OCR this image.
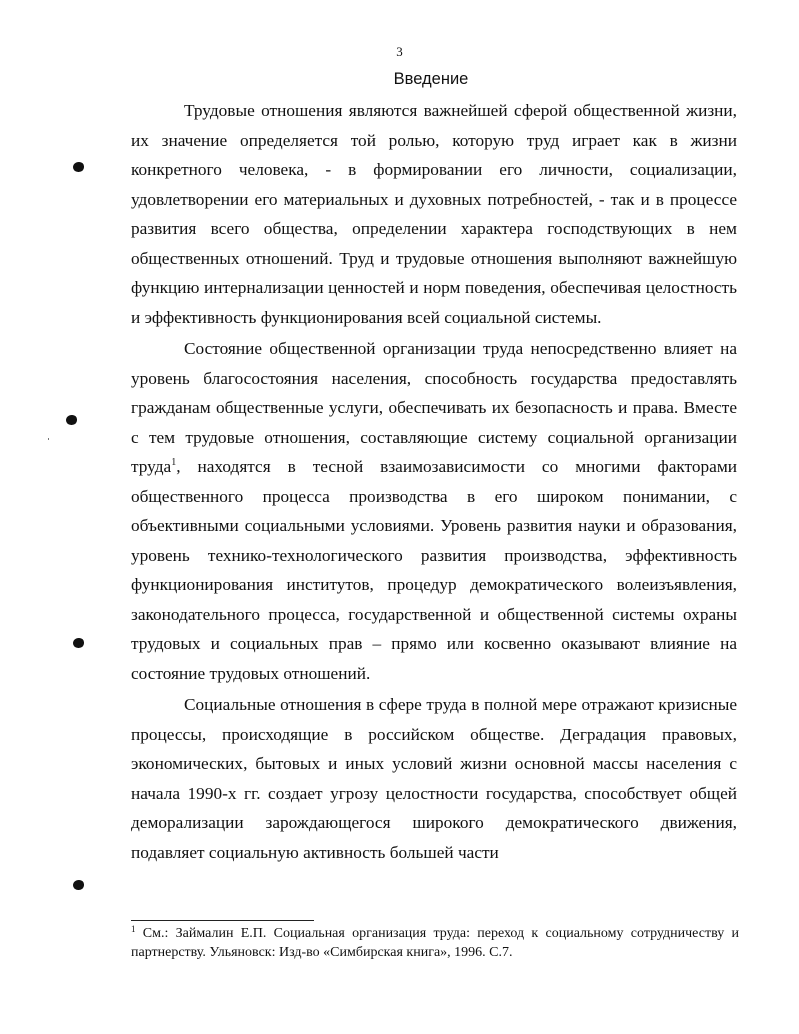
3
Введение

Трудовые отношения являются важнейшей сферой общественной жизни, их значение определяется той ролью, которую труд играет как в жизни конкретного человека, - в формировании его личности, социализации, удовлетворении его материальных и духовных потребностей, - так и в процессе развития всего общества, определении характера господствующих в нем общественных отношений. Труд и трудовые отношения выполняют важнейшую функцию интернализации ценностей и норм поведения, обеспечивая целостность и эффективность функционирования всей социальной системы.

Состояние общественной организации труда непосредственно влияет на уровень благосостояния населения, способность государства предоставлять гражданам общественные услуги, обеспечивать их безопасность и права. Вместе с тем трудовые отношения, составляющие систему социальной организации труда$^1$, находятся в тесной взаимозависимости со многими факторами общественного процесса производства в его широком понимании, с объективными социальными условиями. Уровень развития науки и образования, уровень технико-технологического развития производства, эффективность функционирования институтов, процедур демократического волеизъявления, законодательного процесса, государственной и общественной системы охраны трудовых и социальных прав – прямо или косвенно оказывают влияние на состояние трудовых отношений.

Социальные отношения в сфере труда в полной мере отражают кризисные процессы, происходящие в российском обществе. Деградация правовых, экономических, бытовых и иных условий жизни основной массы населения с начала 1990-х гг. создает угрозу целостности государства, способствует общей деморализации зарождающегося широкого демократического движения, подавляет социальную активность большей части

$^1$ См.: Займалин Е.П. Социальная организация труда: переход к социальному сотрудничеству и партнерству. Ульяновск: Изд-во «Симбирская книга», 1996. С.7.
